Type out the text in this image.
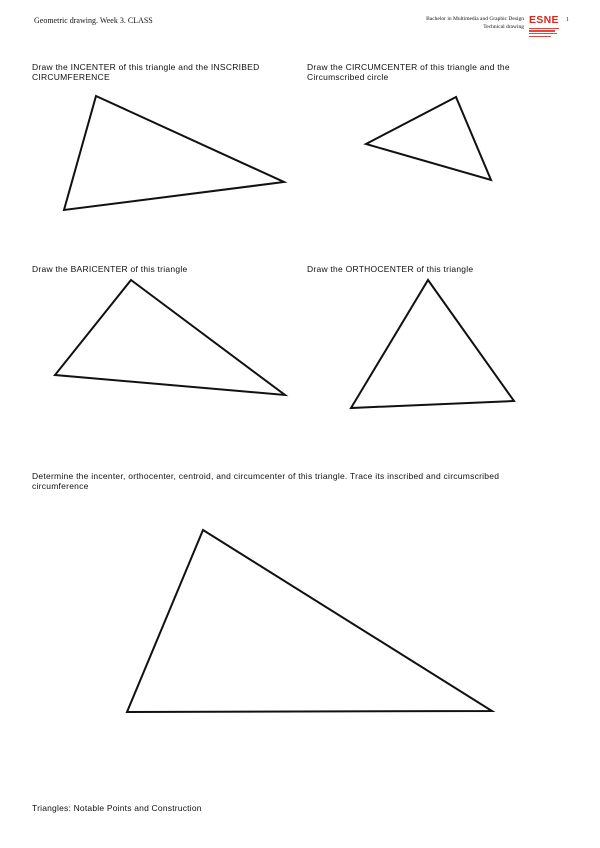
Geometric drawing. Week 3. CLASS	Bachelor in Multimedia and Graphic Design
Technical drawing
ESNE	1
Draw the INCENTER of this triangle and the INSCRIBED CIRCUMFERENCE
Draw the CIRCUMCENTER of this triangle and the Circumscribed circle
Draw the BARICENTER of this triangle	Draw the ORTHOCENTER of this triangle
Determine the incenter, orthocenter, centroid, and circumcenter of this triangle. Trace its inscribed and circumscribed circumference
Triangles: Notable Points and Construction
